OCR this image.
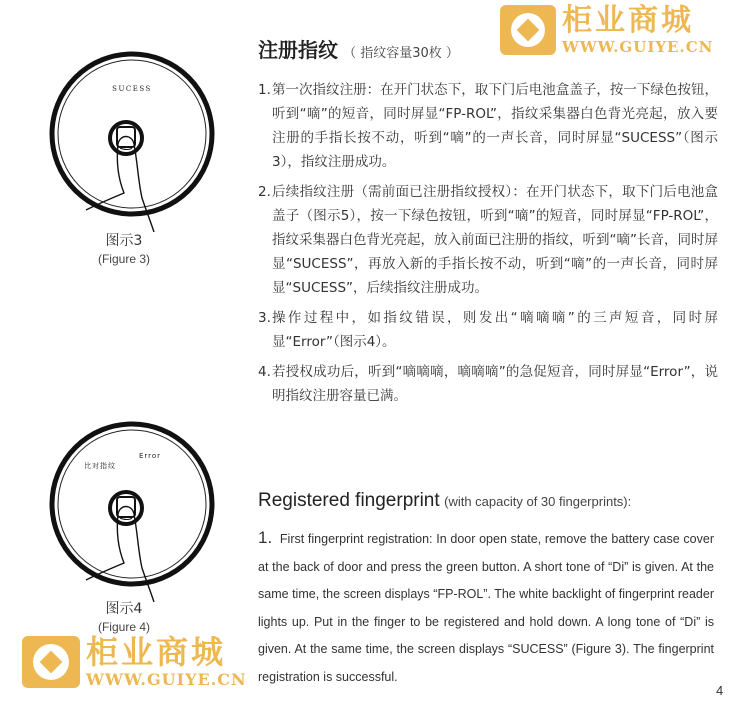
SUCESS
图示3
(Figure 3)
比对指纹
Error
图示4
(Figure 4)
注册指纹 （ 指纹容量30枚 ）
1. 第一次指纹注册：在开门状态下，取下门后电池盒盖子，按一下绿色按钮，听到“嘀”的短音，同时屏显“FP-ROL”，指纹采集器白色背光亮起，放入要注册的手指长按不动，听到“嘀”的一声长音，同时屏显“SUCESS”（图示3），指纹注册成功。
2. 后续指纹注册（需前面已注册指纹授权）：在开门状态下，取下门后电池盒盖子（图示5），按一下绿色按钮，听到“嘀”的短音，同时屏显“FP-ROL”，指纹采集器白色背光亮起，放入前面已注册的指纹，听到“嘀”长音，同时屏显“SUCESS”，再放入新的手指长按不动，听到“嘀”的一声长音，同时屏显“SUCESS”，后续指纹注册成功。
3. 操作过程中，如指纹错误，则发出“嘀嘀嘀”的三声短音，同时屏显“Error”（图示4）。
4. 若授权成功后，听到“嘀嘀嘀，嘀嘀嘀”的急促短音，同时屏显“Error”，说明指纹注册容量已满。
Registered fingerprint (with capacity of 30 fingerprints):
1. First fingerprint registration: In door open state, remove the battery case cover at the back of door and press the green button. A short tone of “Di” is given. At the same time, the screen displays “FP-ROL”. The white backlight of fingerprint reader lights up. Put in the finger to be registered and hold down. A long tone of “Di” is given. At the same time, the screen displays “SUCESS” (Figure 3). The fingerprint registration is successful.
4
柜业商城
WWW.GUIYE.CN
柜业商城
WWW.GUIYE.CN
